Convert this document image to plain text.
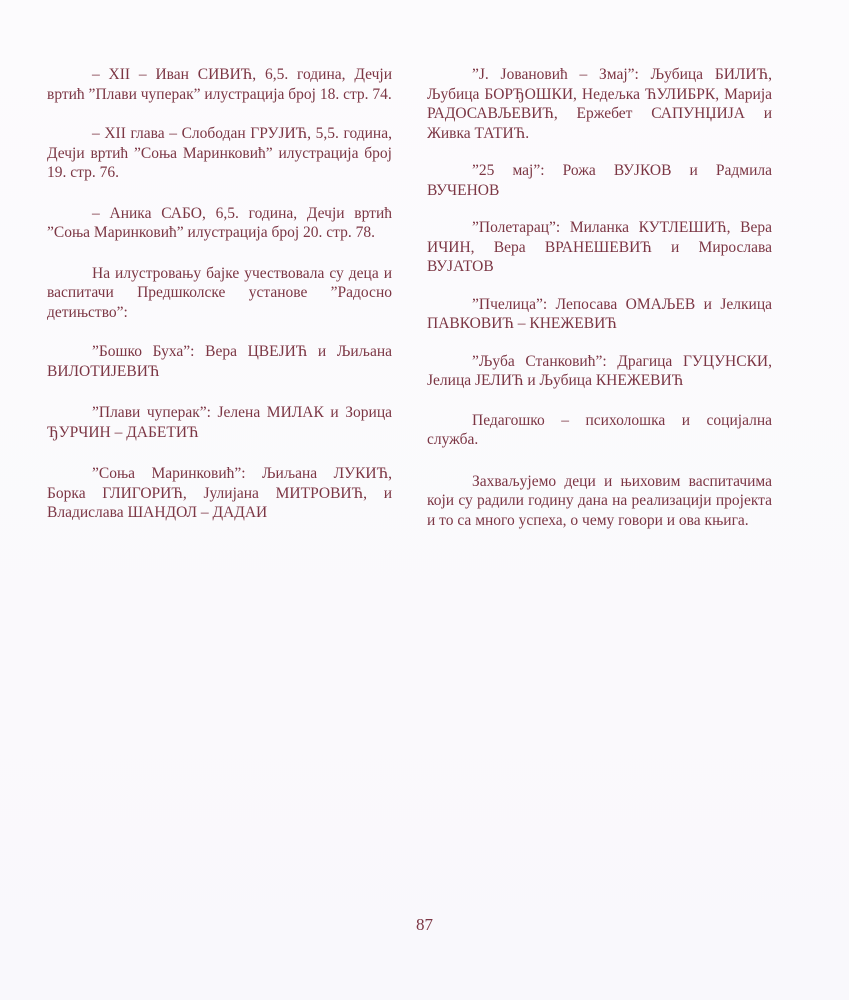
– XII – Иван СИВИЋ, 6,5. година, Дечји вртић ”Плави чуперак” илустрација број 18. стр. 74.

– XII глава – Слободан ГРУЈИЋ, 5,5. година, Дечји вртић ”Соња Маринковић” илустрација број 19. стр. 76.

– Аника САБО, 6,5. година, Дечји вртић ”Соња Маринковић” илустрација број 20. стр. 78.

На илустровању бајке учествовала су деца и васпитачи Предшколске установе ”Радосно детињство”:

”Бошко Буха”: Вера ЦВЕЈИЋ и Љиљана ВИЛОТИЈЕВИЋ

”Плави чуперак”: Јелена МИЛАК и Зорица ЂУРЧИН – ДАБЕТИЋ

”Соња Маринковић”: Љиљана ЛУКИЋ, Борка ГЛИГОРИЋ, Јулијана МИТРОВИЋ, и Владислава ШАНДОЛ – ДАДАИ

”Ј. Јовановић – Змај”: Љубица БИЛИЋ, Љубица БОРЂОШКИ, Недељка ЋУЛИБРК, Марија РАДОСАВЉЕВИЋ, Ержебет САПУНЏИЈА и Живка ТАТИЋ.

”25 мај”: Рожа ВУЈКОВ и Радмила ВУЧЕНОВ

”Полетарац”: Миланка КУТЛЕШИЋ, Вера ИЧИН, Вера ВРАНЕШЕВИЋ и Мирослава ВУЈАТОВ

”Пчелица”: Лепосава ОМАЉЕВ и Јелкица ПАВКОВИЋ – КНЕЖЕВИЋ

”Љуба Станковић”: Драгица ГУЦУНСКИ, Јелица ЈЕЛИЋ и Љубица КНЕЖЕВИЋ

Педагошко – психолошка и социјална служба.

Захваљујемо деци и њиховим васпитачима који су радили годину дана на реализацији пројекта и то са много успеха, о чему говори и ова књига.

87
